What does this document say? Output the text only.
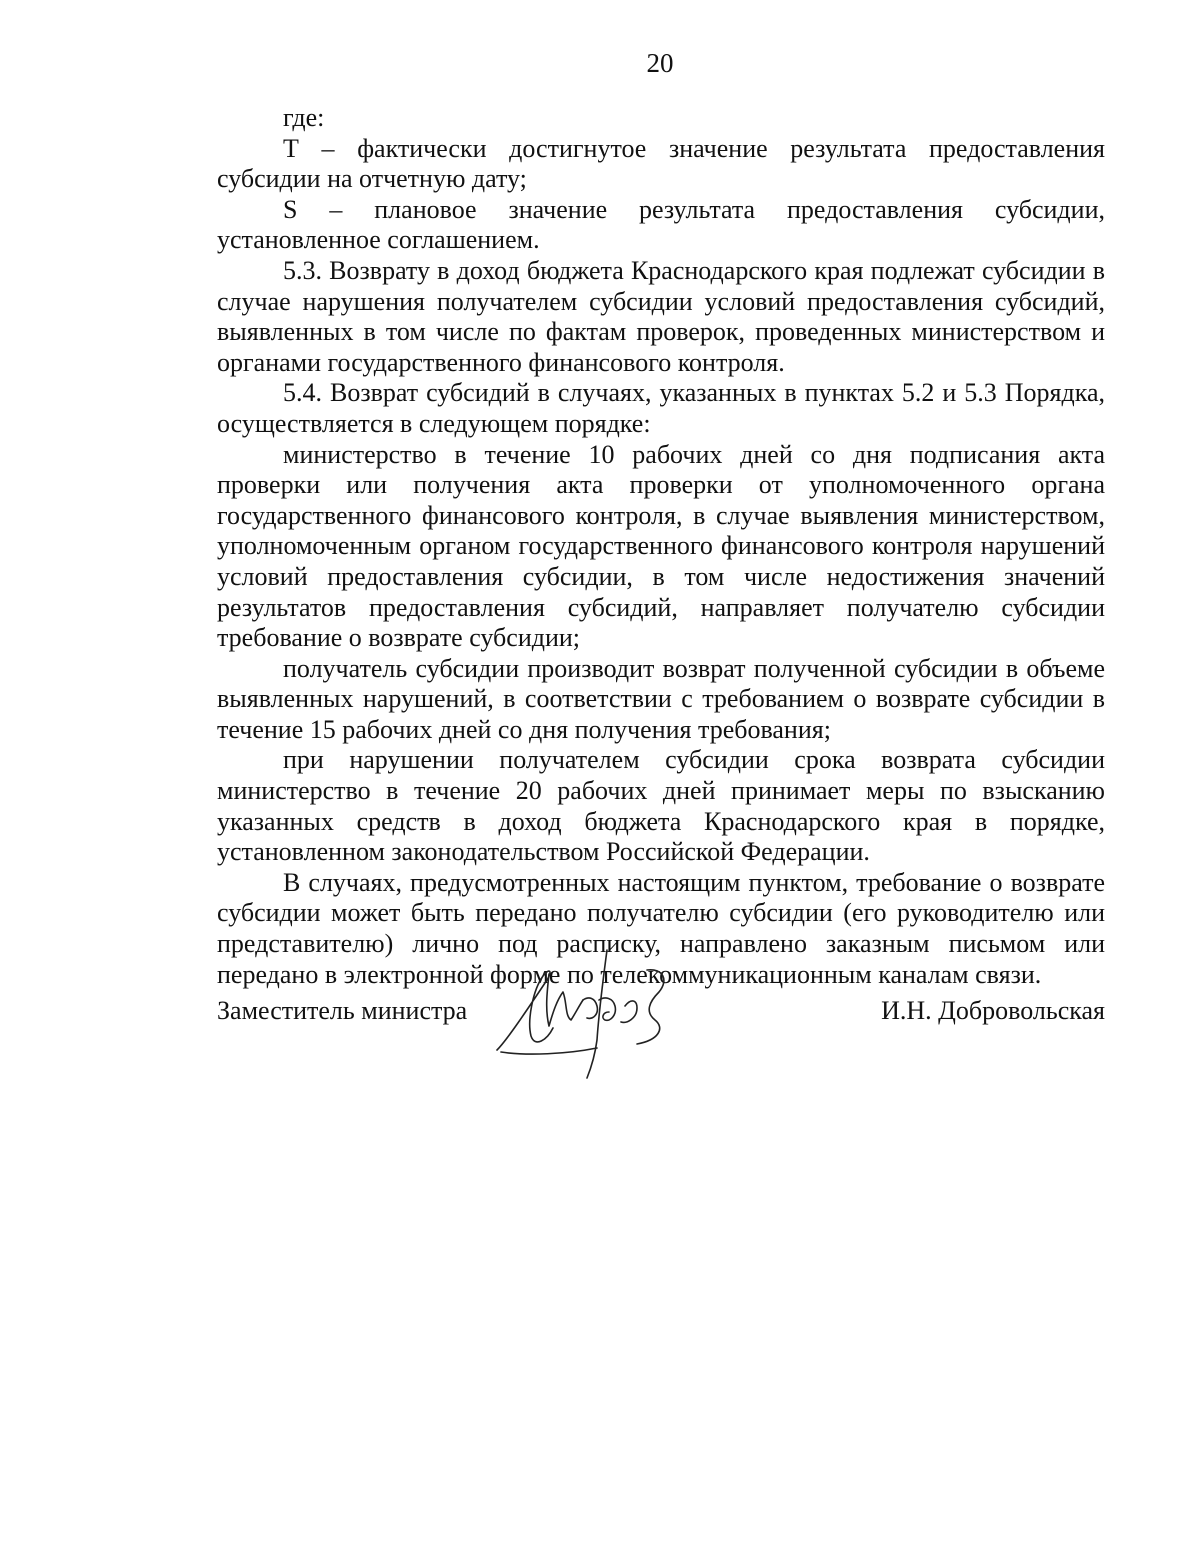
20

где:

Т – фактически достигнутое значение результата предоставления субсидии на отчетную дату;

S – плановое значение результата предоставления субсидии, установленное соглашением.

5.3. Возврату в доход бюджета Краснодарского края подлежат субсидии в случае нарушения получателем субсидии условий предоставления субсидий, выявленных в том числе по фактам проверок, проведенных министерством и органами государственного финансового контроля.

5.4. Возврат субсидий в случаях, указанных в пунктах 5.2 и 5.3 Порядка, осуществляется в следующем порядке:

министерство в течение 10 рабочих дней со дня подписания акта проверки или получения акта проверки от уполномоченного органа государственного финансового контроля, в случае выявления министерством, уполномоченным органом государственного финансового контроля нарушений условий предоставления субсидии, в том числе недостижения значений результатов предоставления субсидий, направляет получателю субсидии требование о возврате субсидии;

получатель субсидии производит возврат полученной субсидии в объеме выявленных нарушений, в соответствии с требованием о возврате субсидии в течение 15 рабочих дней со дня получения требования;

при нарушении получателем субсидии срока возврата субсидии министерство в течение 20 рабочих дней принимает меры по взысканию указанных средств в доход бюджета Краснодарского края в порядке, установленном законодательством Российской Федерации.

В случаях, предусмотренных настоящим пунктом, требование о возврате субсидии может быть передано получателю субсидии (его руководителю или представителю) лично под расписку, направлено заказным письмом или передано в электронной форме по телекоммуникационным каналам связи.

Заместитель министра	И.Н. Добровольская
